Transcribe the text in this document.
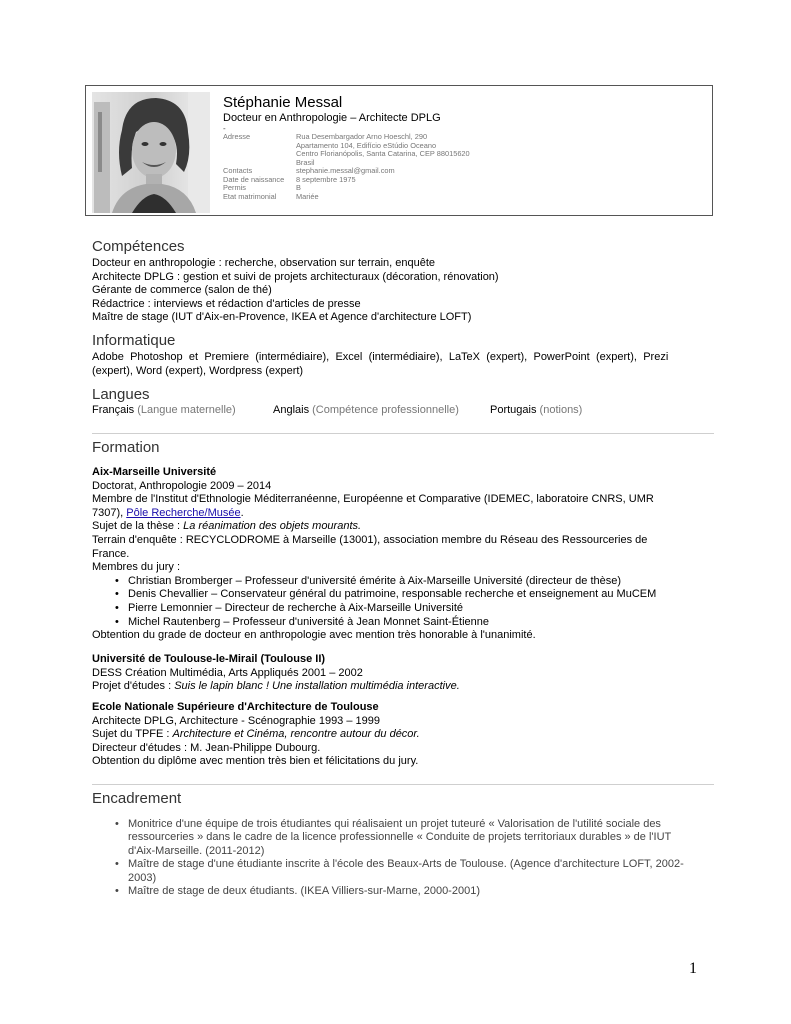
Stéphanie Messal
Docteur en Anthropologie – Architecte DPLG
-
Adresse	Rua Desembargador Arno Hoeschl, 290
Apartamento 104, Edifício eStúdio Oceano
Centro Florianópolis, Santa Catarina, CEP 88015620
Brasil
Contacts	stephanie.messal@gmail.com
Date de naissance	8 septembre 1975
Permis	B
Etat matrimonial	Mariée
Compétences
Docteur en anthropologie : recherche, observation sur terrain, enquête
Architecte DPLG : gestion et suivi de projets architecturaux (décoration, rénovation)
Gérante de commerce (salon de thé)
Rédactrice : interviews et rédaction d'articles de presse
Maître de stage (IUT d'Aix-en-Provence, IKEA et Agence d'architecture LOFT)
Informatique
Adobe Photoshop et Premiere (intermédiaire), Excel (intermédiaire), LaTeX (expert), PowerPoint (expert), Prezi
(expert), Word (expert), Wordpress (expert)
Langues
Français (Langue maternelle)	Anglais (Compétence professionnelle)	Portugais (notions)
Formation
Aix-Marseille Université
Doctorat, Anthropologie 2009 – 2014
Membre de l'Institut d'Ethnologie Méditerranéenne, Européenne et Comparative (IDEMEC, laboratoire CNRS, UMR
7307), Pôle Recherche/Musée.
Sujet de la thèse : La réanimation des objets mourants.
Terrain d'enquête : RECYCLODROME à Marseille (13001), association membre du Réseau des Ressourceries de
France.
Membres du jury :
• Christian Bromberger – Professeur d'université émérite à Aix-Marseille Université (directeur de thèse)
• Denis Chevallier – Conservateur général du patrimoine, responsable recherche et enseignement au MuCEM
• Pierre Lemonnier – Directeur de recherche à Aix-Marseille Université
• Michel Rautenberg – Professeur d'université à Jean Monnet Saint-Étienne
Obtention du grade de docteur en anthropologie avec mention très honorable à l'unanimité.
Université de Toulouse-le-Mirail (Toulouse II)
DESS Création Multimédia, Arts Appliqués 2001 – 2002
Projet d'études : Suis le lapin blanc ! Une installation multimédia interactive.
Ecole Nationale Supérieure d'Architecture de Toulouse
Architecte DPLG, Architecture - Scénographie 1993 – 1999
Sujet du TPFE : Architecture et Cinéma, rencontre autour du décor.
Directeur d'études : M. Jean-Philippe Dubourg.
Obtention du diplôme avec mention très bien et félicitations du jury.
Encadrement
• Monitrice d'une équipe de trois étudiantes qui réalisaient un projet tuteuré « Valorisation de l'utilité sociale des ressourceries » dans le cadre de la licence professionnelle « Conduite de projets territoriaux durables » de l'IUT d'Aix-Marseille. (2011-2012)
• Maître de stage d'une étudiante inscrite à l'école des Beaux-Arts de Toulouse. (Agence d'architecture LOFT, 2002-2003)
• Maître de stage de deux étudiants. (IKEA Villiers-sur-Marne, 2000-2001)
1
